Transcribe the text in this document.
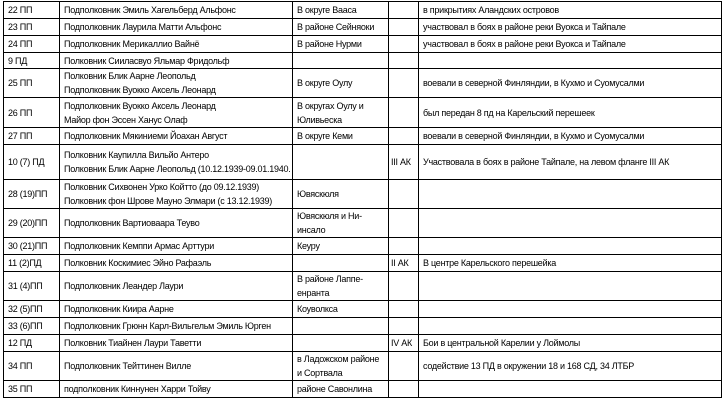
22 ПП	Подполковник Эмиль Хагельберд Альфонс	В округе Вааса		в прикрытиях Аландских островов
23 ПП	Подполковник Лаурила Матти Альфонс	В районе Сейняоки		участвовал в боях в районе реки Вуокса и Тайпале
24 ПП	Подполковник Мерикаллио Вайнё	В районе Нурми		участвовал в боях в районе реки Вуокса и Тайпале
9 ПД	Полковник Сииласвуо Яльмар Фридольф			

25 ПП	Полковник Блик Аарне Леопольд
Подполковник Вуокко Аксель Леонард	В округе Оулу		воевали в северной Финляндии, в Кухмо и Суомусалми
26 ПП	Подполковник Вуокко Аксель Леонард
Майор фон Эссен Ханус Олаф	В округах Оулу и
Юливьеска		был передан 8 пд на Карельский перешеек
27 ПП	Подполковник Мякиниеми Йоахан Август	В округе Кеми		воевали в северной Финляндии, в Кухмо и Суомусалми
10 (7) ПД	Полковник Каупилла Вильйо Антеро
Полковник Блик Аарне Леопольд (10.12.1939-09.01.1940.		III АК	Участвовала в боях в районе Тайпале, на левом фланге III АК
28 (19)ПП	Полковник Сихвонен Урко Койтто (до 09.12.1939)
Полковник фон Шрове Мауно Элмари (с 13.12.1939)	Ювяскюля		

29 (20)ПП	Подполковник Вартиоваара Теуво	Ювяскюля и Ни-
инсало		

30 (21)ПП	Подполковник Кемппи Армас Арттури	Кеуру		

11 (2)ПД	Полковник Коскимиес Эйно Рафаэль		II АК	В центре Карельского перешейка
31 (4)ПП	Подполковник Леандер Лаури	В районе Лаппе-
енранта		

32 (5)ПП	Подполковник Киира Аарне	Коуволкса		

33 (6)ПП	Подполковник Грюнн Карл-Вильгельм Эмиль Юрген			

12 ПД	Полковник Тиайнен Лаури Таветти		IV АК	Бои в центральной Карелии у Лоймолы
34 ПП	Подполковник Тейттинен Вилле	в Ладожском районе
и Сортвала		содействие 13 ПД в окружении 18 и 168 СД, 34 ЛТБР
35 ПП	подполковник Киннунен Харри Тойву	районе Савонлина		
